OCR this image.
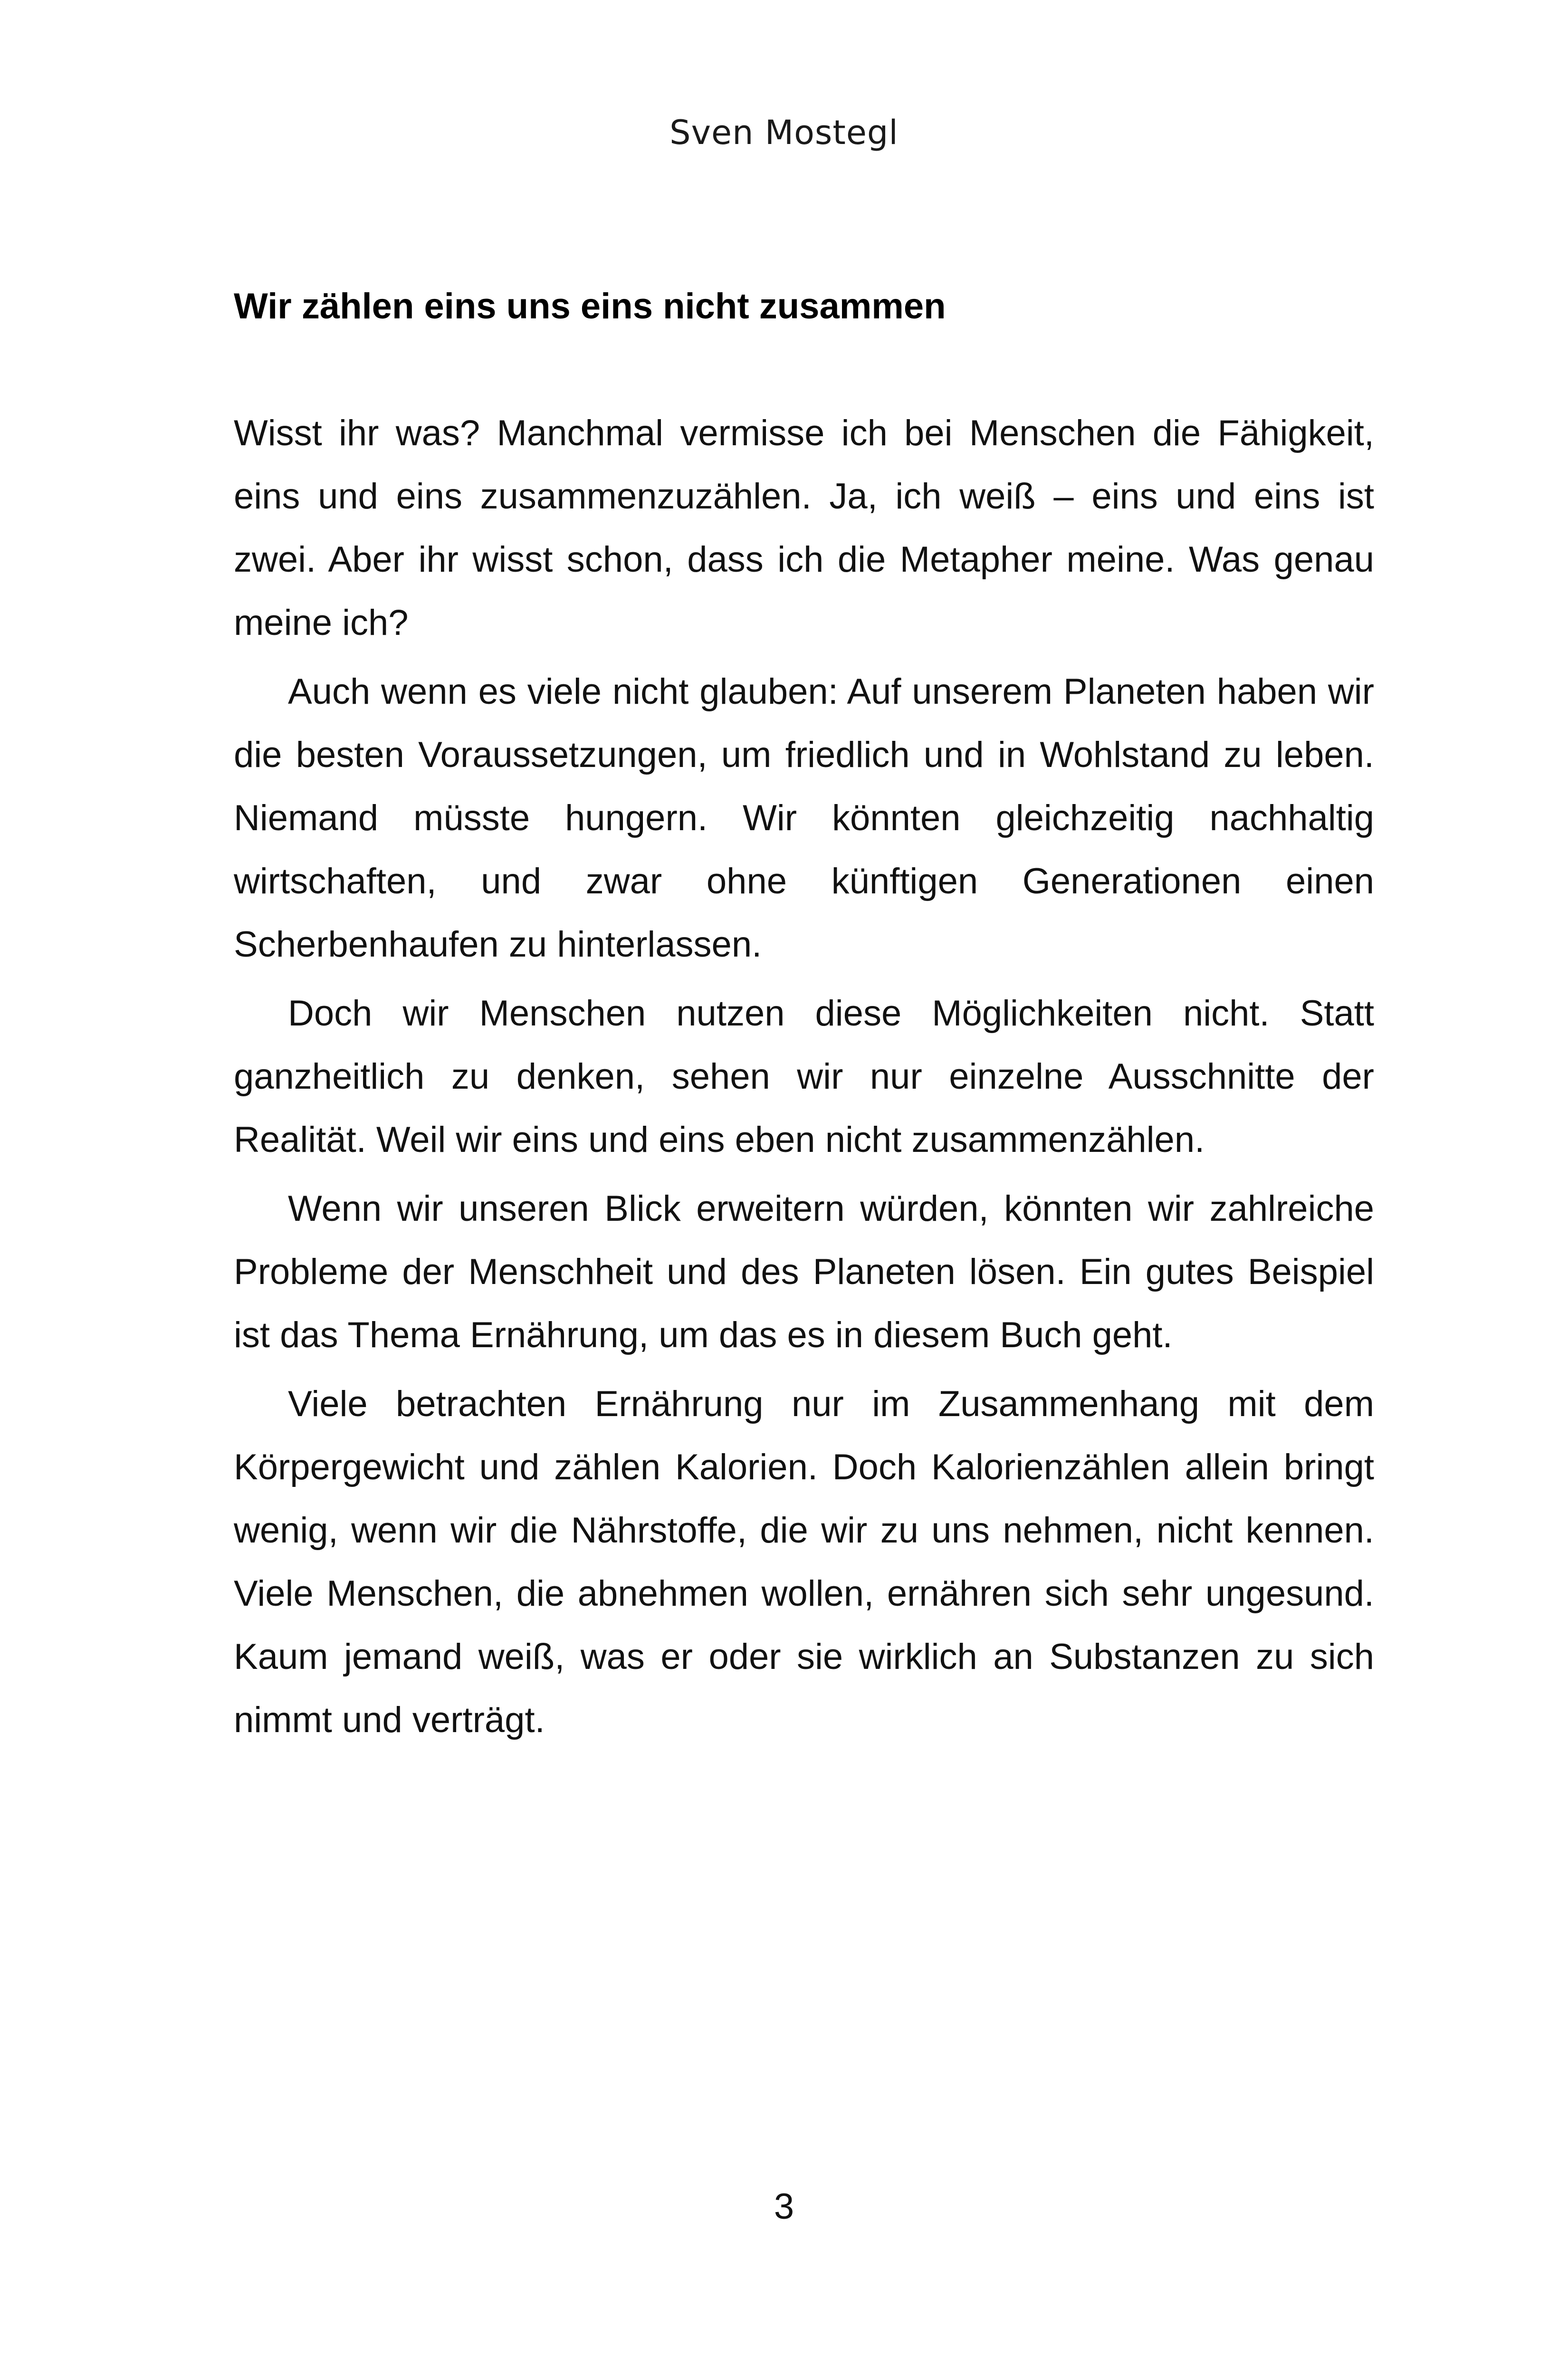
Sven Mostegl
Wir zählen eins uns eins nicht zusammen

Wisst ihr was? Manchmal vermisse ich bei Menschen die Fähigkeit, eins und eins zusammenzuzählen. Ja, ich weiß – eins und eins ist zwei. Aber ihr wisst schon, dass ich die Metapher meine. Was genau meine ich?

Auch wenn es viele nicht glauben: Auf unserem Planeten haben wir die besten Voraussetzungen, um friedlich und in Wohlstand zu leben. Niemand müsste hungern. Wir könnten gleichzeitig nachhaltig wirtschaften, und zwar ohne künftigen Generationen einen Scherbenhaufen zu hinterlassen.

Doch wir Menschen nutzen diese Möglichkeiten nicht. Statt ganzheitlich zu denken, sehen wir nur einzelne Ausschnitte der Realität. Weil wir eins und eins eben nicht zusammenzählen.

Wenn wir unseren Blick erweitern würden, könnten wir zahlreiche Probleme der Menschheit und des Planeten lösen. Ein gutes Beispiel ist das Thema Ernährung, um das es in diesem Buch geht.

Viele betrachten Ernährung nur im Zusammenhang mit dem Körpergewicht und zählen Kalorien. Doch Kalorienzählen allein bringt wenig, wenn wir die Nährstoffe, die wir zu uns nehmen, nicht kennen. Viele Menschen, die abnehmen wollen, ernähren sich sehr ungesund. Kaum jemand weiß, was er oder sie wirklich an Substanzen zu sich nimmt und verträgt.

3
